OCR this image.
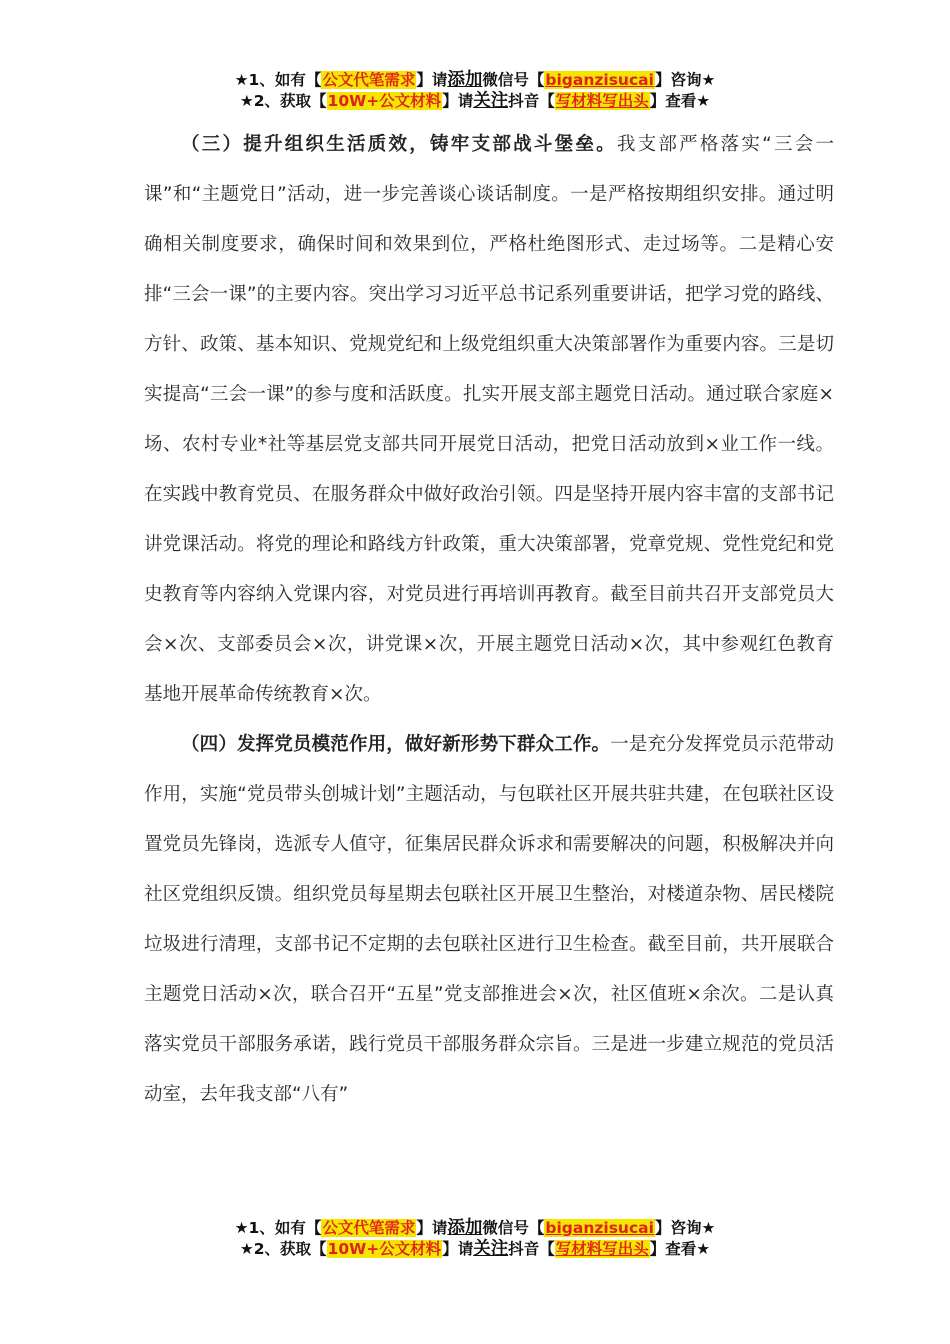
★1、如有【公文代笔需求】请添加微信号【biganzisucai】咨询★
★2、获取【10W+公文材料】请关注抖音【写材料写出头】查看★

（三）提升组织生活质效，铸牢支部战斗堡垒。我支部严格落实“三会一课”和“主题党日”活动，进一步完善谈心谈话制度。一是严格按期组织安排。通过明确相关制度要求，确保时间和效果到位，严格杜绝图形式、走过场等。二是精心安排“三会一课”的主要内容。突出学习习近平总书记系列重要讲话，把学习党的路线、方针、政策、基本知识、党规党纪和上级党组织重大决策部署作为重要内容。三是切实提高“三会一课”的参与度和活跃度。扎实开展支部主题党日活动。通过联合家庭×场、农村专业*社等基层党支部共同开展党日活动，把党日活动放到×业工作一线。在实践中教育党员、在服务群众中做好政治引领。四是坚持开展内容丰富的支部书记讲党课活动。将党的理论和路线方针政策，重大决策部署，党章党规、党性党纪和党史教育等内容纳入党课内容，对党员进行再培训再教育。截至目前共召开支部党员大会×次、支部委员会×次，讲党课×次，开展主题党日活动×次，其中参观红色教育基地开展革命传统教育×次。

（四）发挥党员模范作用，做好新形势下群众工作。一是充分发挥党员示范带动作用，实施“党员带头创城计划”主题活动，与包联社区开展共驻共建，在包联社区设置党员先锋岗，选派专人值守，征集居民群众诉求和需要解决的问题，积极解决并向社区党组织反馈。组织党员每星期去包联社区开展卫生整治，对楼道杂物、居民楼院垃圾进行清理，支部书记不定期的去包联社区进行卫生检查。截至目前，共开展联合主题党日活动×次，联合召开“五星”党支部推进会×次，社区值班×余次。二是认真落实党员干部服务承诺，践行党员干部服务群众宗旨。三是进一步建立规范的党员活动室，去年我支部“八有”

★1、如有【公文代笔需求】请添加微信号【biganzisucai】咨询★
★2、获取【10W+公文材料】请关注抖音【写材料写出头】查看★
